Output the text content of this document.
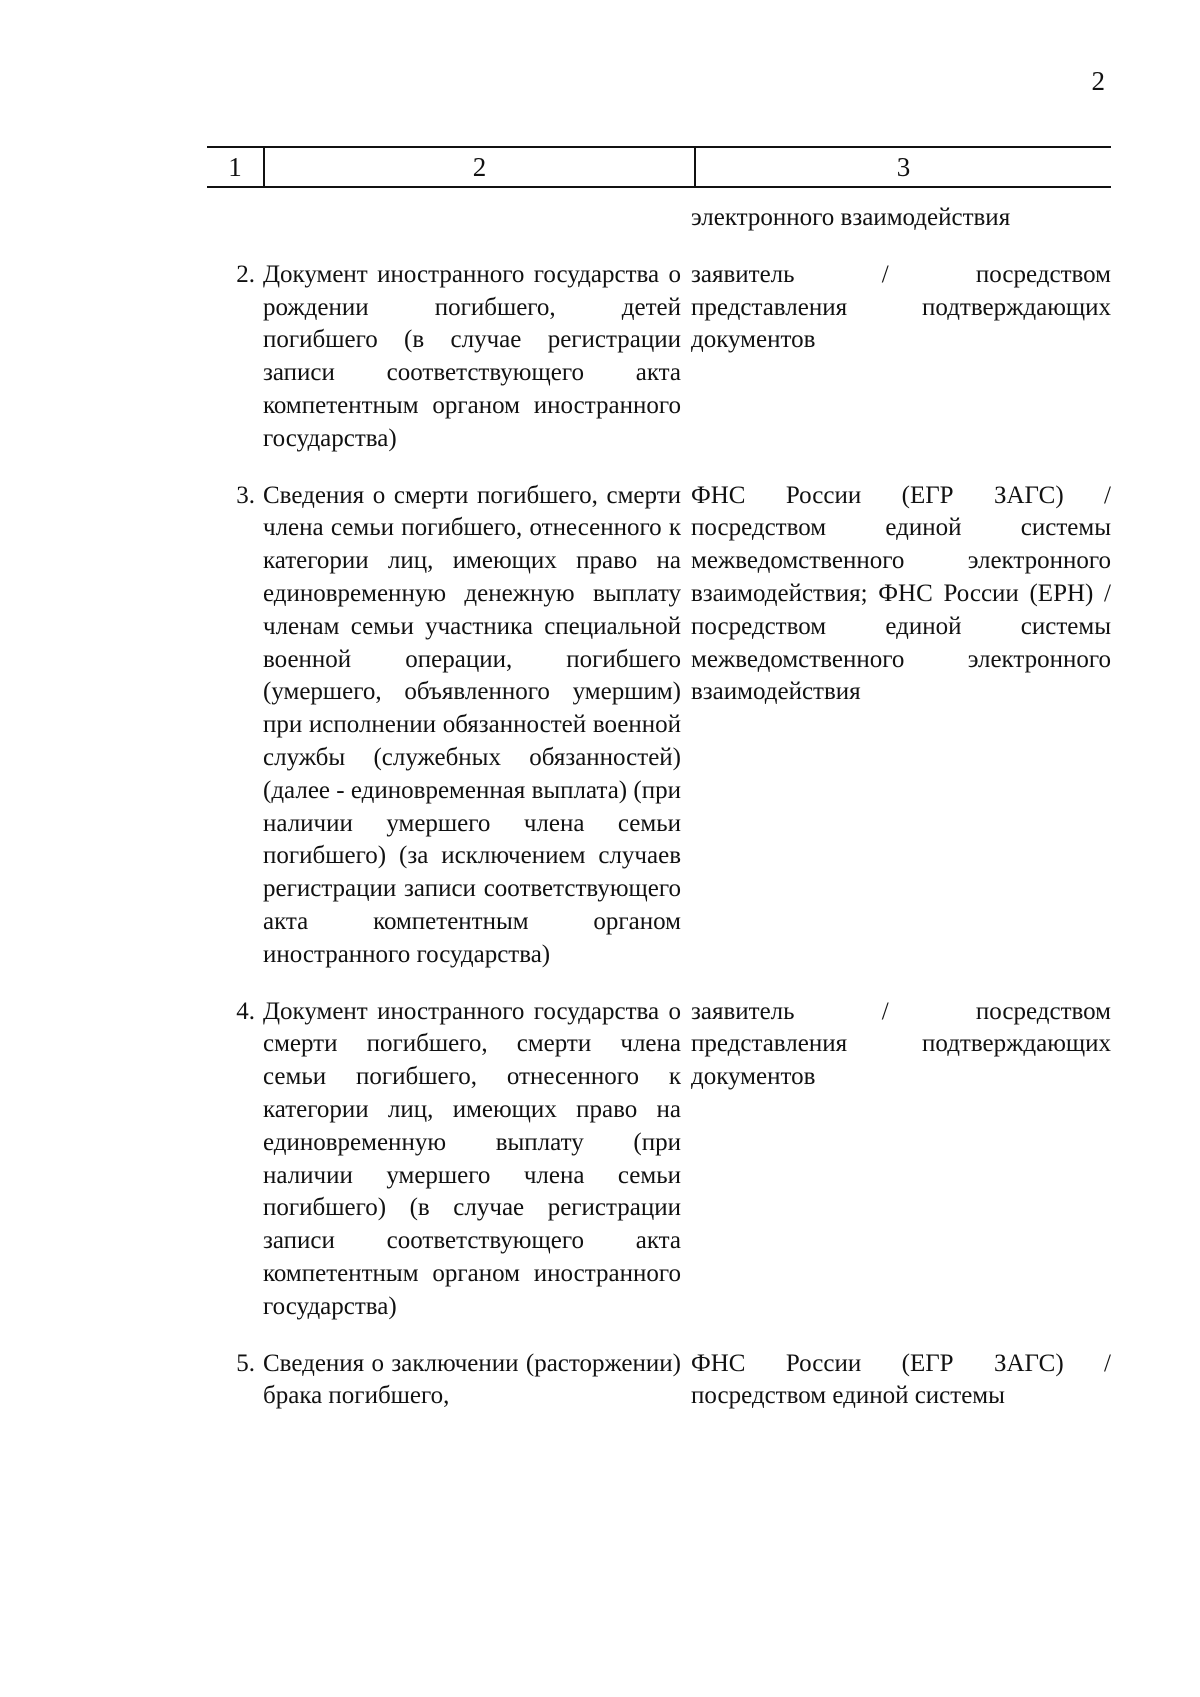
2
1	2	3
электронного взаимодействия
2. Документ иностранного государства о рождении погибшего, детей погибшего (в случае регистрации записи соответствующего акта компетентным органом иностранного государства)
заявитель / посредством представления подтверждающих документов
3. Сведения о смерти погибшего, смерти члена семьи погибшего, отнесенного к категории лиц, имеющих право на единовременную денежную выплату членам семьи участника специальной военной операции, погибшего (умершего, объявленного умершим) при исполнении обязанностей военной службы (служебных обязанностей) (далее - единовременная выплата) (при наличии умершего члена семьи погибшего) (за исключением случаев регистрации записи соответствующего акта компетентным органом иностранного государства)
ФНС России (ЕГР ЗАГС) / посредством единой системы межведомственного электронного взаимодействия; ФНС России (ЕРН) / посредством единой системы межведомственного электронного взаимодействия
4. Документ иностранного государства о смерти погибшего, смерти члена семьи погибшего, отнесенного к категории лиц, имеющих право на единовременную выплату (при наличии умершего члена семьи погибшего) (в случае регистрации записи соответствующего акта компетентным органом иностранного государства)
заявитель / посредством представления подтверждающих документов
5. Сведения о заключении (расторжении) брака погибшего,
ФНС России (ЕГР ЗАГС) / посредством единой системы
